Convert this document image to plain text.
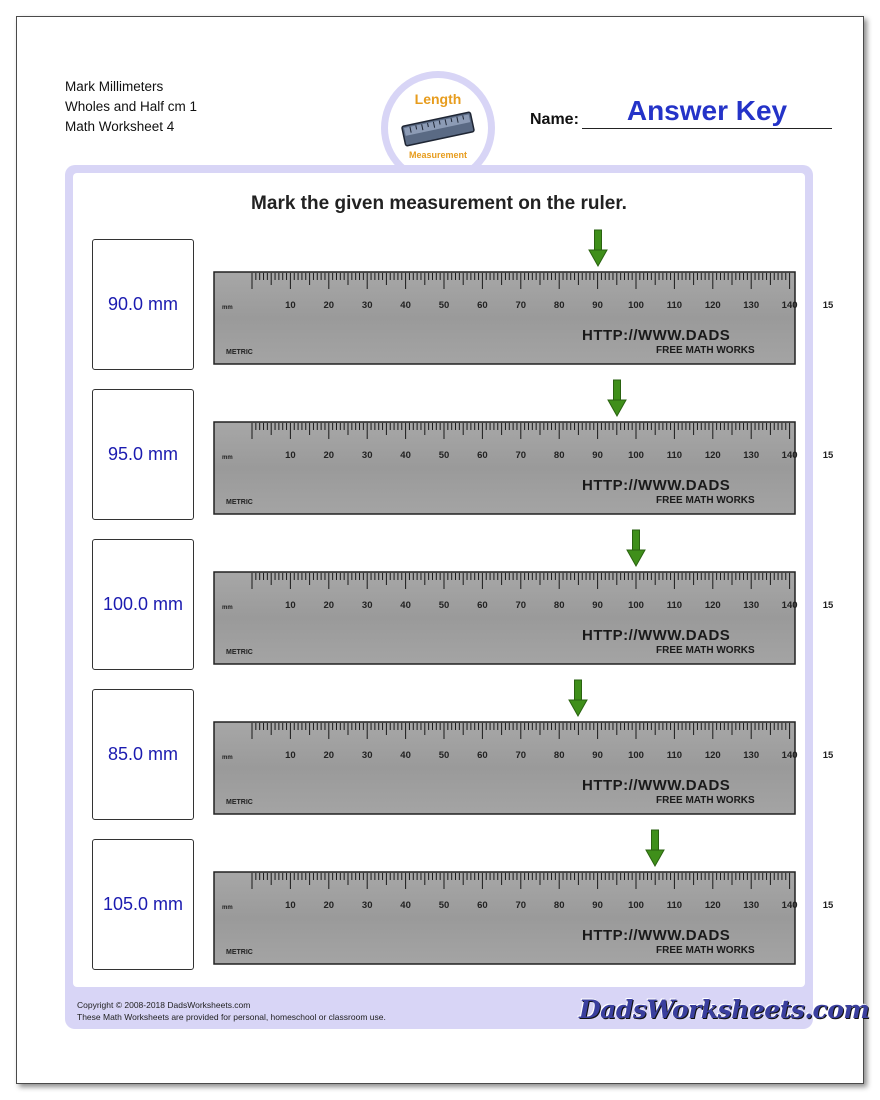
Mark Millimeters
Wholes and Half cm 1
Math Worksheet 4
Length
Measurement
Name:	Answer Key
Mark the given measurement on the ruler.
90.0 mm	mm	10	20	30	40	50	60	70	80	90	100 110 120 130 140	15
METRIC
HTTP://WWW.DADS
FREE MATH WORKS
95.0 mm	mm	10	20	30	40	50	60	70	80	90	100 110 120 130 140	15
METRIC
HTTP://WWW.DADS
FREE MATH WORKS
100.0 mm	mm	10	20	30	40	50	60	70	80	90	100 110 120 130 140	15
METRIC
HTTP://WWW.DADS
FREE MATH WORKS
85.0 mm	mm	10	20	30	40	50	60	70	80	90	100 110 120 130 140	15
METRIC
HTTP://WWW.DADS
FREE MATH WORKS
105.0 mm	mm	10	20	30	40	50	60	70	80	90	100 110 120 130 140	15
METRIC
HTTP://WWW.DADS
FREE MATH WORKS
Copyright © 2008-2018 DadsWorksheets.com
These Math Worksheets are provided for personal, homeschool or classroom use.	DadsWorksheets.com
